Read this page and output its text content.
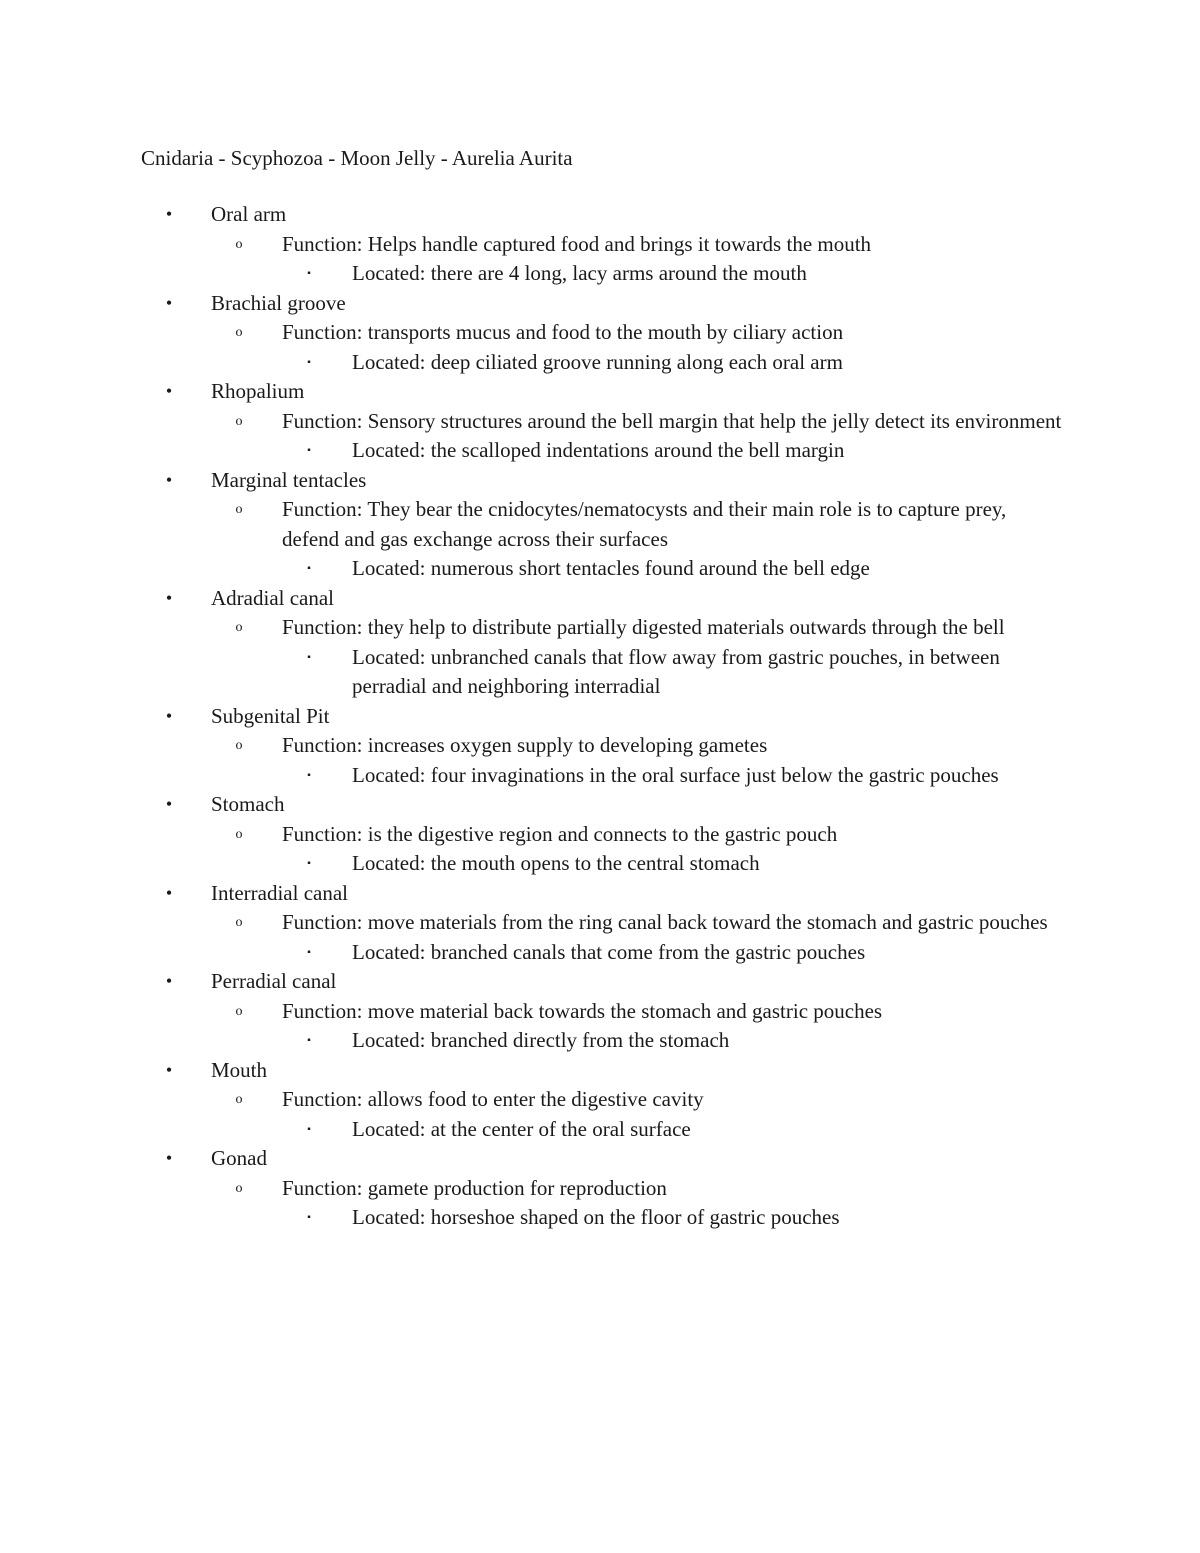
Cnidaria - Scyphozoa - Moon Jelly - Aurelia Aurita
• Oral arm
o Function: Helps handle captured food and brings it towards the mouth
▪ Located: there are 4 long, lacy arms around the mouth
• Brachial groove
o Function: transports mucus and food to the mouth by ciliary action
▪ Located: deep ciliated groove running along each oral arm
• Rhopalium
o Function: Sensory structures around the bell margin that help the jelly detect its environment
▪ Located: the scalloped indentations around the bell margin
• Marginal tentacles
o Function: They bear the cnidocytes/nematocysts and their main role is to capture prey, defend and gas exchange across their surfaces
▪ Located: numerous short tentacles found around the bell edge
• Adradial canal
o Function: they help to distribute partially digested materials outwards through the bell
▪ Located: unbranched canals that flow away from gastric pouches, in between perradial and neighboring interradial
• Subgenital Pit
o Function: increases oxygen supply to developing gametes
▪ Located: four invaginations in the oral surface just below the gastric pouches
• Stomach
o Function: is the digestive region and connects to the gastric pouch
▪ Located: the mouth opens to the central stomach
• Interradial canal
o Function: move materials from the ring canal back toward the stomach and gastric pouches
▪ Located: branched canals that come from the gastric pouches
• Perradial canal
o Function: move material back towards the stomach and gastric pouches
▪ Located: branched directly from the stomach
• Mouth
o Function: allows food to enter the digestive cavity
▪ Located: at the center of the oral surface
• Gonad
o Function: gamete production for reproduction
▪ Located: horseshoe shaped on the floor of gastric pouches
